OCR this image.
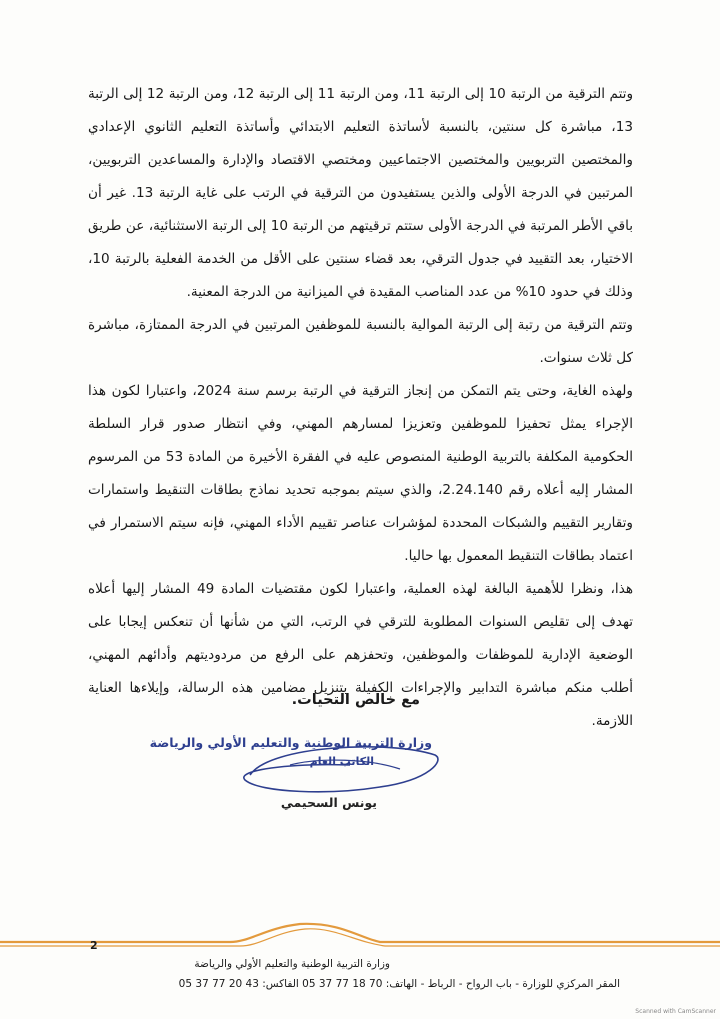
وتتم الترقية من الرتبة 10 إلى الرتبة 11، ومن الرتبة 11 إلى الرتبة 12، ومن الرتبة 12 إلى الرتبة 13، مباشرة كل سنتين، بالنسبة لأساتذة التعليم الابتدائي وأساتذة التعليم الثانوي الإعدادي والمختصين التربويين والمختصين الاجتماعيين ومختصي الاقتصاد والإدارة والمساعدين التربويين، المرتبين في الدرجة الأولى والذين يستفيدون من الترقية في الرتب على غاية الرتبة 13. غير أن باقي الأطر المرتبة في الدرجة الأولى ستتم ترقيتهم من الرتبة 10 إلى الرتبة الاستثنائية، عن طريق الاختيار، بعد التقييد في جدول الترقي، بعد قضاء سنتين على الأقل من الخدمة الفعلية بالرتبة 10، وذلك في حدود 10% من عدد المناصب المقيدة في الميزانية من الدرجة المعنية.

وتتم الترقية من رتبة إلى الرتبة الموالية بالنسبة للموظفين المرتبين في الدرجة الممتازة، مباشرة كل ثلاث سنوات.

ولهذه الغاية، وحتى يتم التمكن من إنجاز الترقية في الرتبة برسم سنة 2024، واعتبارا لكون هذا الإجراء يمثل تحفيزا للموظفين وتعزيزا لمسارهم المهني، وفي انتظار صدور قرار السلطة الحكومية المكلفة بالتربية الوطنية المنصوص عليه في الفقرة الأخيرة من المادة 53 من المرسوم المشار إليه أعلاه رقم 2.24.140، والذي سيتم بموجبه تحديد نماذج بطاقات التنقيط واستمارات وتقارير التقييم والشبكات المحددة لمؤشرات عناصر تقييم الأداء المهني، فإنه سيتم الاستمرار في اعتماد بطاقات التنقيط المعمول بها حاليا.

هذا، ونظرا للأهمية البالغة لهذه العملية، واعتبارا لكون مقتضيات المادة 49 المشار إليها أعلاه تهدف إلى تقليص السنوات المطلوبة للترقي في الرتب، التي من شأنها أن تنعكس إيجابا على الوضعية الإدارية للموظفات والموظفين، وتحفزهم على الرفع من مردوديتهم وأدائهم المهني، أطلب منكم مباشرة التدابير والإجراءات الكفيلة بتنزيل مضامين هذه الرسالة، وإيلاءها العناية اللازمة.

مع خالص التحيات.
وزارة التربية الوطنية والتعليم الأولي والرياضة
الكاتب العام
يونس السحيمي
2
وزارة التربية الوطنية والتعليم الأولي والرياضة
المقر المركزي للوزارة - باب الرواح - الرباط - الهاتف: 70 18 77 37 05 الفاكس: 43 20 77 37 05
Scanned with CamScanner
